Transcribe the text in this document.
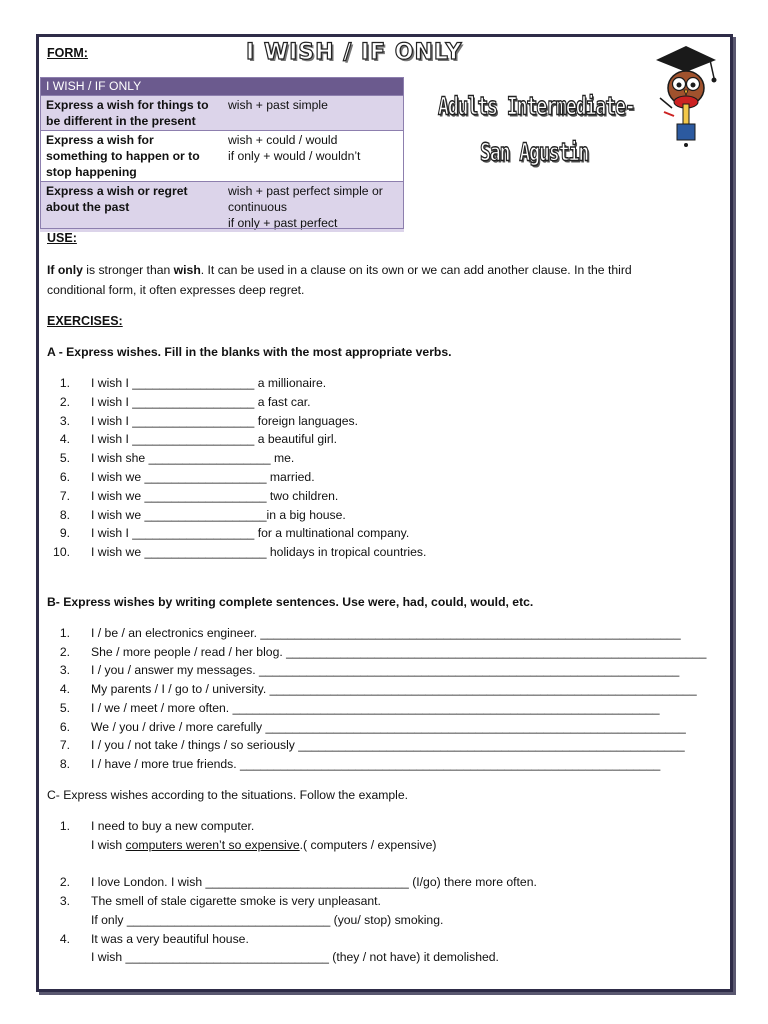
FORM:	I WISH / IF ONLY
Adults Intermediate-
San Agustin
I WISH / IF ONLY	
Express a wish for things to be different in the present	wish + past simple

Express a wish for something to happen or to stop happening	wish + could / would
if only + would / wouldn’t

Express a wish or regret about the past	wish + past perfect simple or continuous
if only + past perfect
USE:
If only is stronger than wish. It can be used in a clause on its own or we can add another clause. In the third conditional form, it often expresses deep regret.
EXERCISES:
A - Express wishes. Fill in the blanks with the most appropriate verbs.
1. I wish I __________________ a millionaire.
2. I wish I __________________ a fast car.
3. I wish I __________________ foreign languages.
4. I wish I __________________ a beautiful girl.
5. I wish she __________________ me.
6. I wish we __________________ married.
7. I wish we __________________ two children.
8. I wish we __________________in a big house.
9. I wish I __________________ for a multinational company.
10. I wish we __________________ holidays in tropical countries.
B- Express wishes by writing complete sentences. Use were, had, could, would, etc.
1. I / be / an electronics engineer. ______________________________________________________________
2. She / more people / read / her blog. ______________________________________________________________
3. I / you / answer my messages. ______________________________________________________________
4. My parents / I / go to / university. _______________________________________________________________
5. I / we / meet / more often. _______________________________________________________________
6. We / you / drive / more carefully ______________________________________________________________
7. I / you / not take / things / so seriously _________________________________________________________
8. I / have / more true friends. ______________________________________________________________
C- Express wishes according to the situations. Follow the example.
1. I need to buy a new computer.
I wish computers weren’t so expensive.( computers / expensive)
2. I love London. I wish ______________________________ (I/go) there more often.
3. The smell of stale cigarette smoke is very unpleasant.
If only ______________________________ (you/ stop) smoking.
4. It was a very beautiful house.
I wish ______________________________ (they / not have) it demolished.
